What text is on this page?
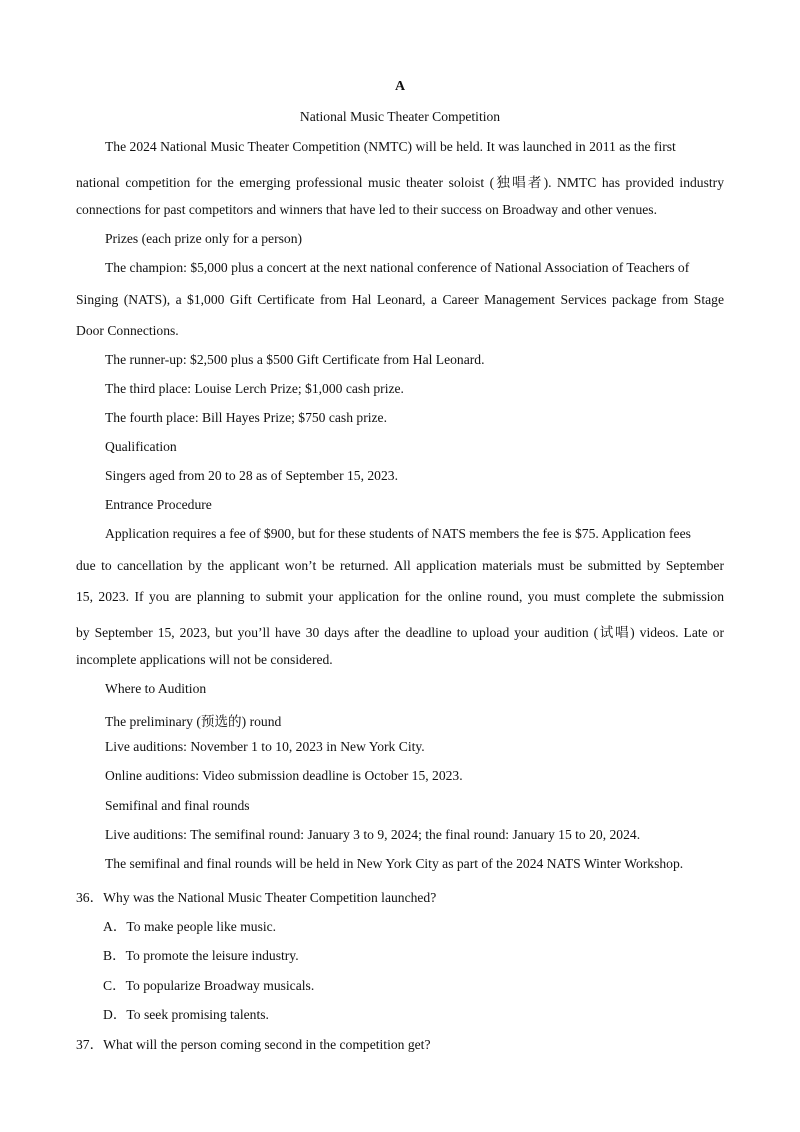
A
National Music Theater Competition
The 2024 National Music Theater Competition (NMTC) will be held. It was launched in 2011 as the first
national competition for the emerging professional music theater soloist (独唱者). NMTC has provided industry
connections for past competitors and winners that have led to their success on Broadway and other venues.
Prizes (each prize only for a person)
The champion: $5,000 plus a concert at the next national conference of National Association of Teachers of
Singing (NATS), a $1,000 Gift Certificate from Hal Leonard, a Career Management Services package from Stage
Door Connections.
The runner-up: $2,500 plus a $500 Gift Certificate from Hal Leonard.
The third place: Louise Lerch Prize; $1,000 cash prize.
The fourth place: Bill Hayes Prize; $750 cash prize.
Qualification
Singers aged from 20 to 28 as of September 15, 2023.
Entrance Procedure
Application requires a fee of $900, but for these students of NATS members the fee is $75. Application fees
due to cancellation by the applicant won’t be returned. All application materials must be submitted by September
15, 2023. If you are planning to submit your application for the online round, you must complete the submission
by September 15, 2023, but you’ll have 30 days after the deadline to upload your audition (试唱) videos. Late or
incomplete applications will not be considered.
Where to Audition
The preliminary (预选的) round
Live auditions: November 1 to 10, 2023 in New York City.
Online auditions: Video submission deadline is October 15, 2023.
Semifinal and final rounds
Live auditions: The semifinal round: January 3 to 9, 2024; the final round: January 15 to 20, 2024.
The semifinal and final rounds will be held in New York City as part of the 2024 NATS Winter Workshop.
36．Why was the National Music Theater Competition launched?
A．To make people like music.
B．To promote the leisure industry.
C．To popularize Broadway musicals.
D．To seek promising talents.
37．What will the person coming second in the competition get?
